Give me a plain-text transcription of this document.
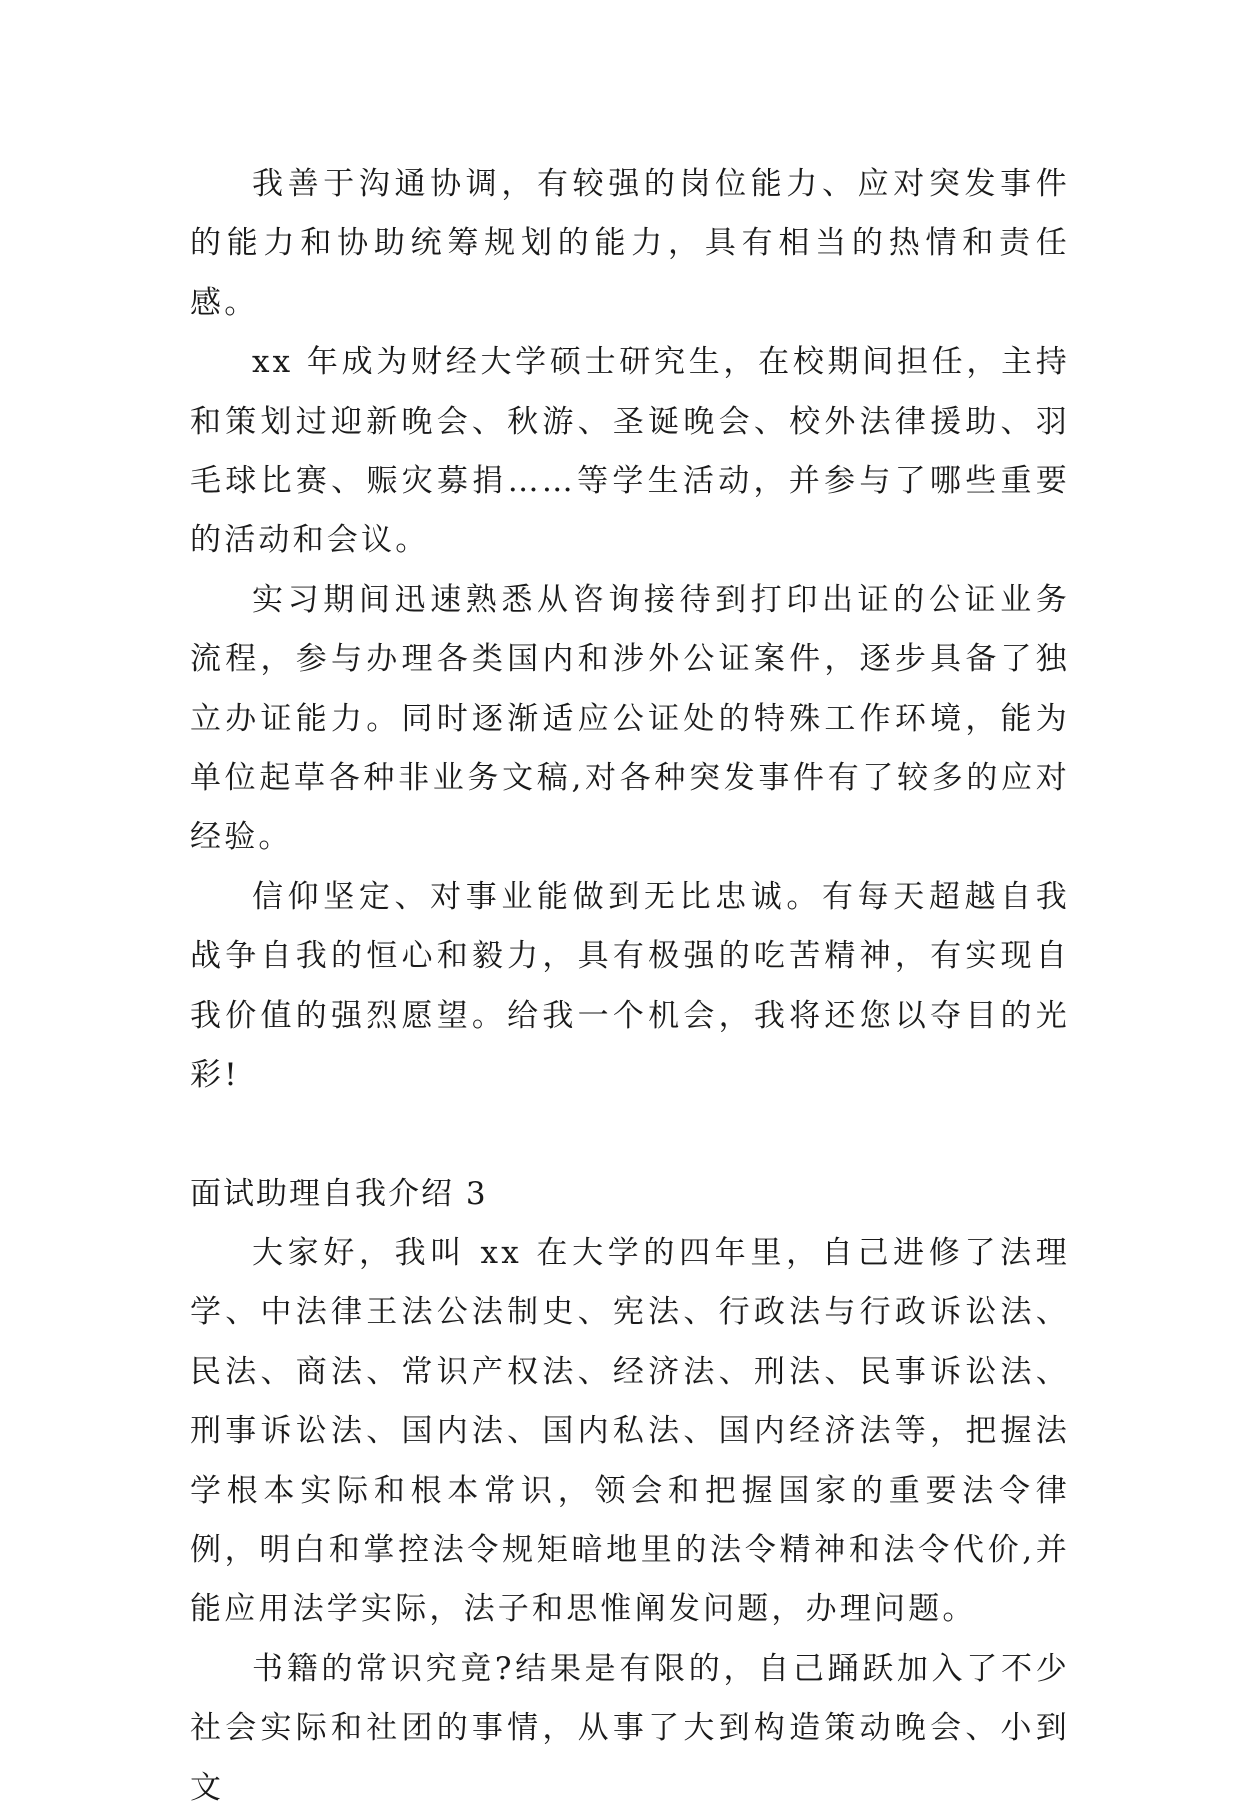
我善于沟通协调，有较强的岗位能力、应对突发事件的能力和协助统筹规划的能力，具有相当的热情和责任感。

xx 年成为财经大学硕士研究生，在校期间担任，主持和策划过迎新晚会、秋游、圣诞晚会、校外法律援助、羽毛球比赛、赈灾募捐……等学生活动，并参与了哪些重要的活动和会议。

实习期间迅速熟悉从咨询接待到打印出证的公证业务流程，参与办理各类国内和涉外公证案件，逐步具备了独立办证能力。同时逐渐适应公证处的特殊工作环境，能为单位起草各种非业务文稿,对各种突发事件有了较多的应对经验。

信仰坚定、对事业能做到无比忠诚。有每天超越自我战争自我的恒心和毅力，具有极强的吃苦精神，有实现自我价值的强烈愿望。给我一个机会，我将还您以夺目的光彩!

面试助理自我介绍 3

大家好，我叫 xx 在大学的四年里，自己进修了法理学、中法律王法公法制史、宪法、行政法与行政诉讼法、民法、商法、常识产权法、经济法、刑法、民事诉讼法、刑事诉讼法、国内法、国内私法、国内经济法等，把握法学根本实际和根本常识，领会和把握国家的重要法令律例，明白和掌控法令规矩暗地里的法令精神和法令代价,并能应用法学实际，法子和思惟阐发问题，办理问题。

书籍的常识究竟?结果是有限的，自己踊跃加入了不少社会实际和社团的事情，从事了大到构造策动晚会、小到文
